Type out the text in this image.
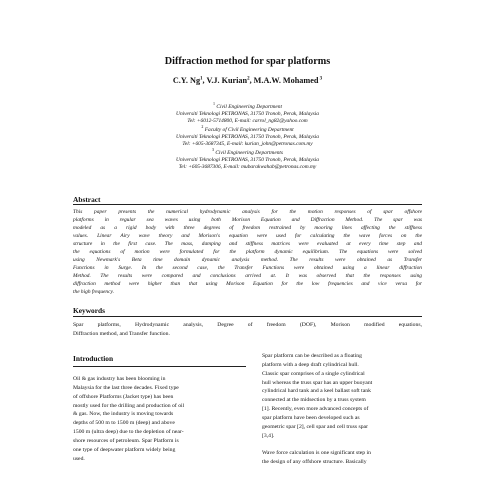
Diffraction method for spar platforms
C.Y. Ng$^1$, V.J. Kurian$^2$, M.A.W. Mohamed $^3$
$^1$ Civil Engineering Department
Universiti Teknologi PETRONAS, 31750 Tronoh, Perak, Malaysia
Tel: +6012-5714800, E-mail: carrol_ng82@yahoo.com
$^2$ Faculty of Civil Engineering Department
Universiti Teknologi PETRONAS, 31750 Tronoh, Perak, Malaysia
Tel: +605-3687345, E-mail: kurian_john@petronas.com.my
$^3$ Civil Engineering Departments
Universiti Teknologi PETRONAS, 31750 Tronoh, Perak, Malaysia
Tel: +605-3687306, E-mail: mubarakwahab@petronas.com.my
Abstract
This paper presents the numerical hydrodynamic analysis for the motion responses of spar offshore
platforms in regular sea waves using both Morison Equation and Diffraction Method. The spar was
modeled as a rigid body with three degrees of freedom restrained by mooring lines affecting the stiffness
values. Linear Airy wave theory and Morison's equation were used for calculating the wave forces on the
structure in the first case. The mass, damping and stiffness matrices were evaluated at every time step and
the equations of motion were formulated for the platform dynamic equilibrium. The equations were solved
using Newmark's Beta time domain dynamic analysis method. The results were obtained as Transfer
Functions in Surge. In the second case, the Transfer Functions were obtained using a linear diffraction
Method. The results were compared and conclusions arrived at. It was observed that the responses using
diffraction method were higher than that using Morison Equation for the low frequencies and vice versa for
the high frequency.
Keywords
Spar platforms, Hydrodynamic analysis, Degree of freedom (DOF), Morison modified equations,
Diffraction method, and Transfer function.
Introduction
Oil & gas industry has been blooming in
Malaysia for the last three decades. Fixed type
of offshore Platforms (Jacket type) has been
mostly used for the drilling and production of oil
& gas. Now, the industry is moving towards
depths of 500 m to 1500 m (deep) and above
1500 m (ultra deep) due to the depletion of near-
shore resources of petroleum. Spar Platform is
one type of deepwater platform widely being
used.
Spar platform can be described as a floating
platform with a deep draft cylindrical hull.
Classic spar comprises of a single cylindrical
hull whereas the truss spar has an upper buoyant
cylindrical hard tank and a keel ballast soft tank
connected at the midsection by a truss system
[1]. Recently, even more advanced concepts of
spar platform have been developed such as
geometric spar [2], cell spar and cell truss spar
[3,4].
Wave force calculation is one significant step in
the design of any offshore structure. Basically
